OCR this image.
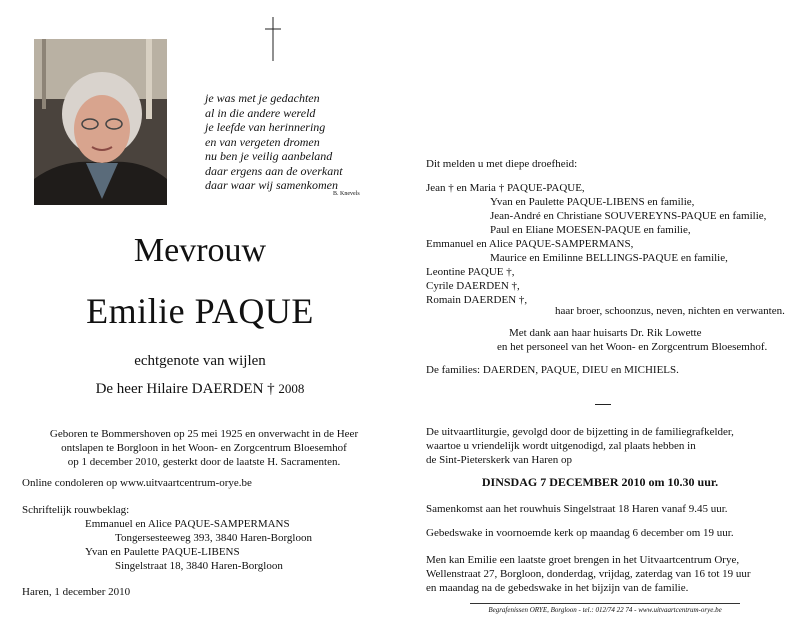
je was met je gedachten
al in die andere wereld
je leefde van herinnering
en van vergeten dromen
nu ben je veilig aanbeland
daar ergens aan de overkant
daar waar wij samenkomen
B. Knevels
Mevrouw
Emilie PAQUE
echtgenote van wijlen
De heer Hilaire DAERDEN † 2008
Geboren te Bommershoven op 25 mei 1925 en onverwacht in de Heer
ontslapen te Borgloon in het Woon- en Zorgcentrum Bloesemhof
op 1 december 2010, gesterkt door de laatste H. Sacramenten.
Online condoleren op www.uitvaartcentrum-orye.be
Schriftelijk rouwbeklag:
Emmanuel en Alice PAQUE-SAMPERMANS
Tongersesteeweg 393, 3840 Haren-Borgloon
Yvan en Paulette PAQUE-LIBENS
Singelstraat 18, 3840 Haren-Borgloon
Haren, 1 december 2010
Dit melden u met diepe droefheid:
Jean † en Maria † PAQUE-PAQUE,
Yvan en Paulette PAQUE-LIBENS en familie,
Jean-André en Christiane SOUVEREYNS-PAQUE en familie,
Paul en Eliane MOESEN-PAQUE en familie,
Emmanuel en Alice PAQUE-SAMPERMANS,
Maurice en Emilinne BELLINGS-PAQUE en familie,
Leontine PAQUE †,
Cyrile DAERDEN †,
Romain DAERDEN †,
haar broer, schoonzus, neven, nichten en verwanten.
Met dank aan haar huisarts Dr. Rik Lowette
en het personeel van het Woon- en Zorgcentrum Bloesemhof.
De families: DAERDEN, PAQUE, DIEU en MICHIELS.
De uitvaartliturgie, gevolgd door de bijzetting in de familiegrafkelder,
waartoe u vriendelijk wordt uitgenodigd, zal plaats hebben in
de Sint-Pieterskerk van Haren op
DINSDAG 7 DECEMBER 2010 om 10.30 uur.
Samenkomst aan het rouwhuis Singelstraat 18 Haren vanaf 9.45 uur.
Gebedswake in voornoemde kerk op maandag 6 december om 19 uur.
Men kan Emilie een laatste groet brengen in het Uitvaartcentrum Orye,
Wellenstraat 27, Borgloon, donderdag, vrijdag, zaterdag van 16 tot 19 uur
en maandag na de gebedswake in het bijzijn van de familie.
Begrafenissen ORYE, Borgloon - tel.: 012/74 22 74 - www.uitvaartcentrum-orye.be
